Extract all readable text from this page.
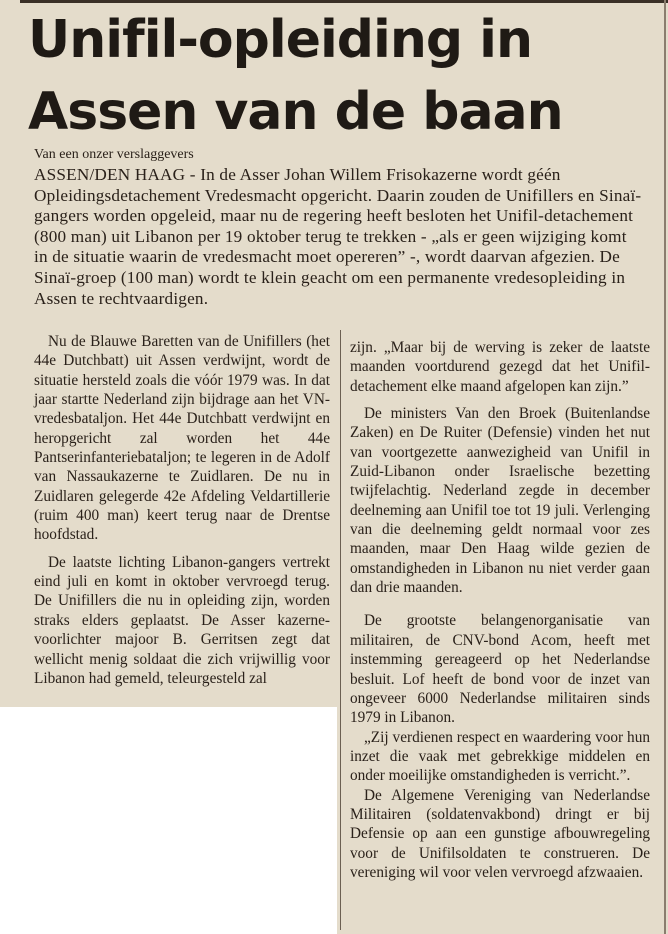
Unifil-opleiding in
Assen van de baan

Van een onzer verslaggevers

ASSEN/DEN HAAG - In de Asser Johan Willem Frisokazerne wordt géén Opleidingsdetachement Vredesmacht opgericht. Daarin zouden de Unifillers en Sinaï-gangers worden opgeleid, maar nu de regering heeft besloten het Unifil-detachement (800 man) uit Libanon per 19 oktober terug te trekken - „als er geen wijziging komt in de situatie waarin de vredesmacht moet opereren” -, wordt daarvan afgezien. De Sinaï-groep (100 man) wordt te klein geacht om een permanente vredesopleiding in Assen te rechtvaardigen.

Nu de Blauwe Baretten van de Unifillers (het 44e Dutchbatt) uit Assen verdwijnt, wordt de situatie hersteld zoals die vóór 1979 was. In dat jaar startte Nederland zijn bijdrage aan het VN-vredesbataljon. Het 44e Dutchbatt verdwijnt en heropgericht zal worden het 44e Pantserinfanteriebataljon; te legeren in de Adolf van Nassaukazerne te Zuidlaren. De nu in Zuidlaren gelegerde 42e Afdeling Veldartillerie (ruim 400 man) keert terug naar de Drentse hoofdstad.

De laatste lichting Libanon-gangers vertrekt eind juli en komt in oktober vervroegd terug. De Unifillers die nu in opleiding zijn, worden straks elders geplaatst. De Asser kazerne-voorlichter majoor B. Gerritsen zegt dat wellicht menig soldaat die zich vrijwillig voor Libanon had gemeld, teleurgesteld zal

zijn. „Maar bij de werving is zeker de laatste maanden voortdurend gezegd dat het Unifil-detachement elke maand afgelopen kan zijn.”

De ministers Van den Broek (Buitenlandse Zaken) en De Ruiter (Defensie) vinden het nut van voortgezette aanwezigheid van Unifil in Zuid-Libanon onder Israelische bezetting twijfelachtig. Nederland zegde in december deelneming aan Unifil toe tot 19 juli. Verlenging van die deelneming geldt normaal voor zes maanden, maar Den Haag wilde gezien de omstandigheden in Libanon nu niet verder gaan dan drie maanden.

De grootste belangenorganisatie van militairen, de CNV-bond Acom, heeft met instemming gereageerd op het Nederlandse besluit. Lof heeft de bond voor de inzet van ongeveer 6000 Nederlandse militairen sinds 1979 in Libanon.

„Zij verdienen respect en waardering voor hun inzet die vaak met gebrekkige middelen en onder moeilijke omstandigheden is verricht.”.

De Algemene Vereniging van Nederlandse Militairen (soldatenvakbond) dringt er bij Defensie op aan een gunstige afbouwregeling voor de Unifilsoldaten te construeren. De vereniging wil voor velen vervroegd afzwaaien.
